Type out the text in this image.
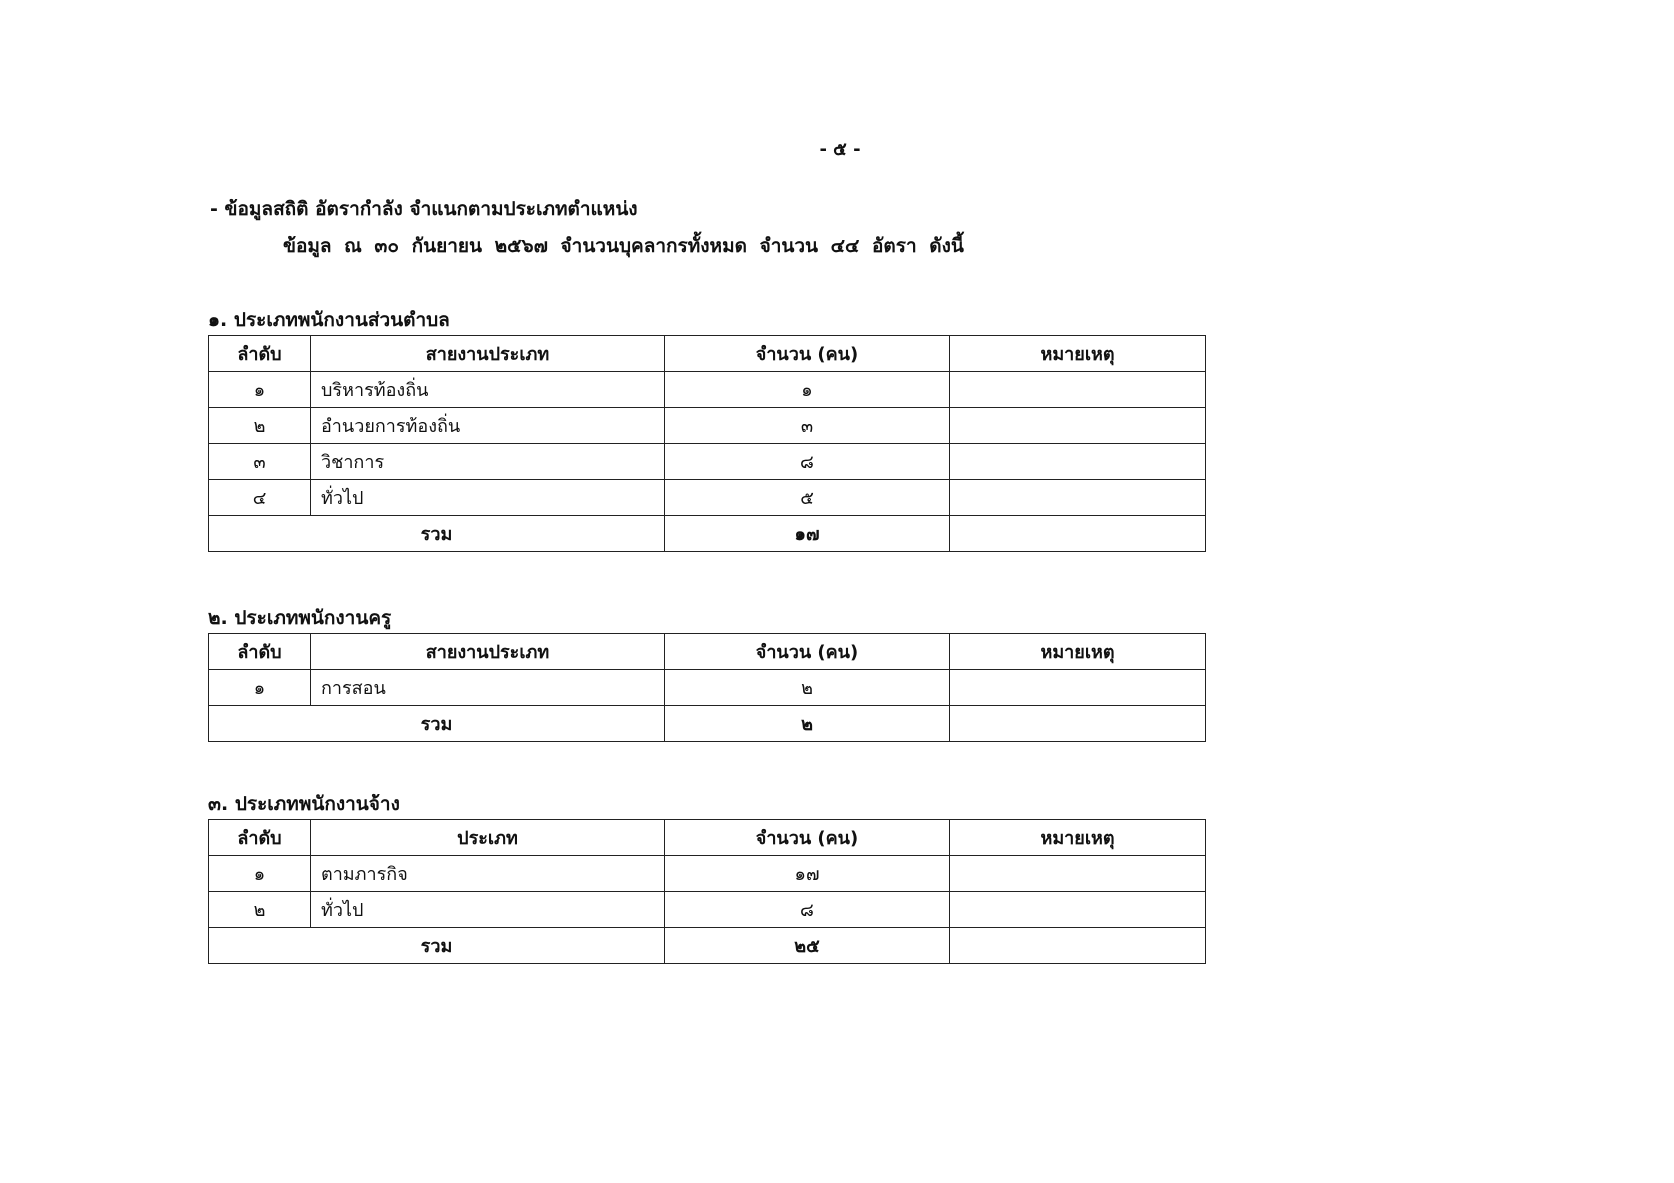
- ๕ -
- ข้อมูลสถิติ อัตรากำลัง จำแนกตามประเภทตำแหน่ง
ข้อมูล ณ ๓๐ กันยายน ๒๕๖๗ จำนวนบุคลากรทั้งหมด จำนวน ๔๔ อัตรา ดังนี้
๑. ประเภทพนักงานส่วนตำบล
ลำดับ	สายงานประเภท	จำนวน (คน)	หมายเหตุ
๑	บริหารท้องถิ่น	๑	
๒	อำนวยการท้องถิ่น	๓	
๓	วิชาการ	๘	
๔	ทั่วไป	๕	
รวม		๑๗	
๒. ประเภทพนักงานครู
ลำดับ	สายงานประเภท	จำนวน (คน)	หมายเหตุ
๑	การสอน	๒	
รวม		๒	
๓. ประเภทพนักงานจ้าง
ลำดับ	ประเภท	จำนวน (คน)	หมายเหตุ
๑	ตามภารกิจ	๑๗	
๒	ทั่วไป	๘	
รวม		๒๕	
